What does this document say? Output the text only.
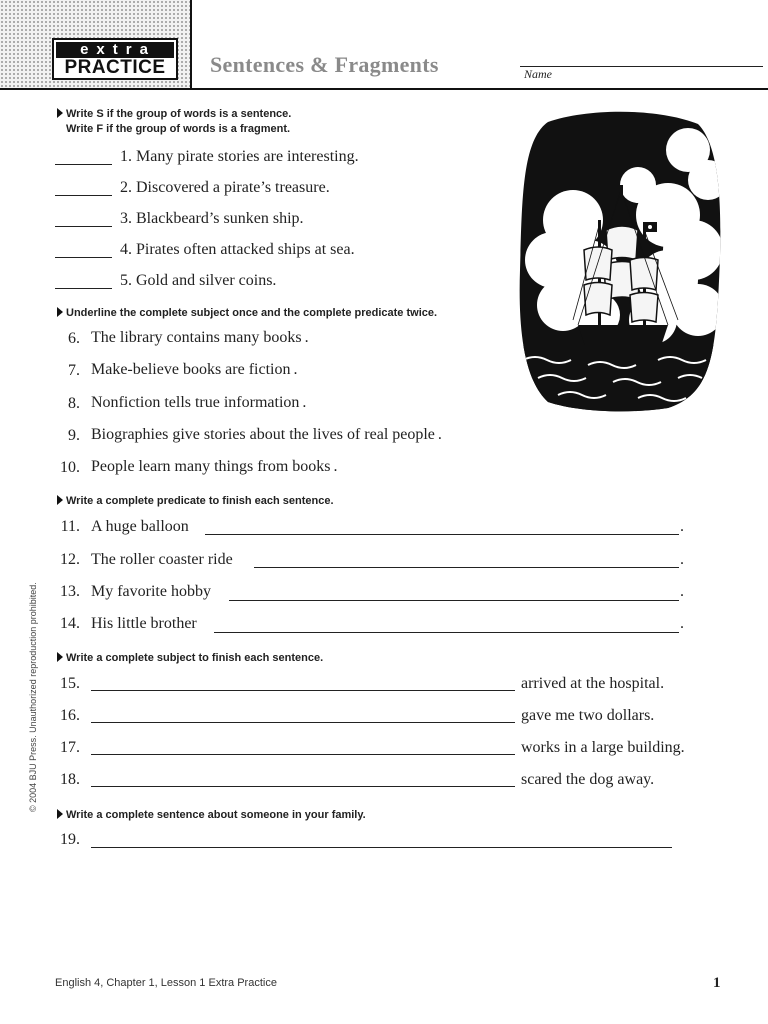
extra
PRACTICE	Sentences & Fragments	Name
Write S if the group of words is a sentence.
Write F if the group of words is a fragment.
1. Many pirate stories are interesting.
2. Discovered a pirate’s treasure.
3. Blackbeard’s sunken ship.
4. Pirates often attacked ships at sea.
5. Gold and silver coins.
Underline the complete subject once and the complete predicate twice.
6. The library contains many books .
7. Make-believe books are fiction .
8. Nonfiction tells true information .
9. Biographies give stories about the lives of real people .
10. People learn many things from books .
Write a complete predicate to finish each sentence.
11. A huge balloon	.
12. The roller coaster ride	.
13. My favorite hobby	.
14. His little brother	.
Write a complete subject to finish each sentence.
15.	arrived at the hospital.
16.	gave me two dollars.
17.	works in a large building.
18.	scared the dog away.
Write a complete sentence about someone in your family.
19.
© 2004 BJU Press. Unauthorized reproduction prohibited.
English 4, Chapter 1, Lesson 1 Extra Practice	1
